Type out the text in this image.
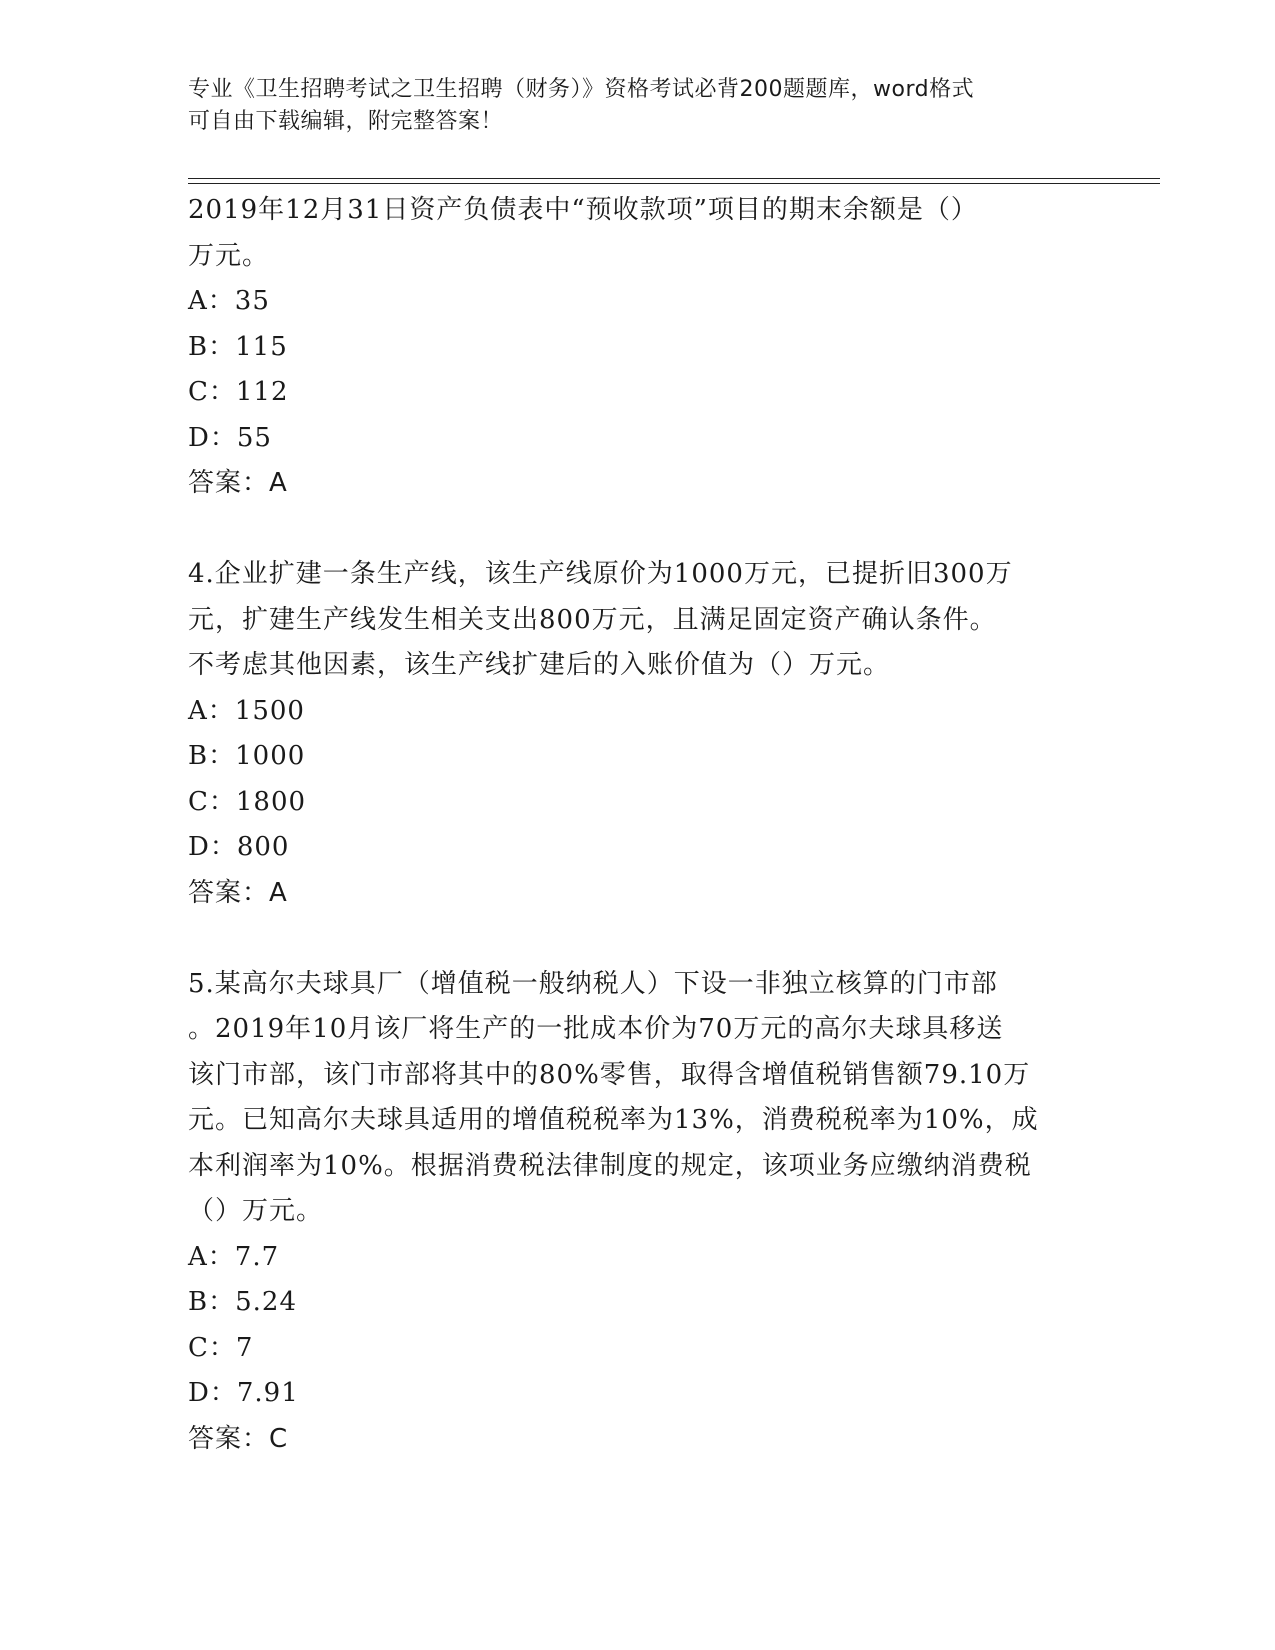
专业《卫生招聘考试之卫生招聘（财务）》资格考试必背200题题库，word格式
可自由下载编辑，附完整答案！
2019年12月31日资产负债表中“预收款项”项目的期末余额是（）
万元。
A：35
B：115
C：112
D：55
答案：A
4.企业扩建一条生产线，该生产线原价为1000万元，已提折旧300万
元，扩建生产线发生相关支出800万元，且满足固定资产确认条件。
不考虑其他因素，该生产线扩建后的入账价值为（）万元。
A：1500
B：1000
C：1800
D：800
答案：A
5.某高尔夫球具厂（增值税一般纳税人）下设一非独立核算的门市部
。2019年10月该厂将生产的一批成本价为70万元的高尔夫球具移送
该门市部，该门市部将其中的80%零售，取得含增值税销售额79.10万
元。已知高尔夫球具适用的增值税税率为13%，消费税税率为10%，成
本利润率为10%。根据消费税法律制度的规定，该项业务应缴纳消费税
（）万元。
A：7.7
B：5.24
C：7
D：7.91
答案：C
